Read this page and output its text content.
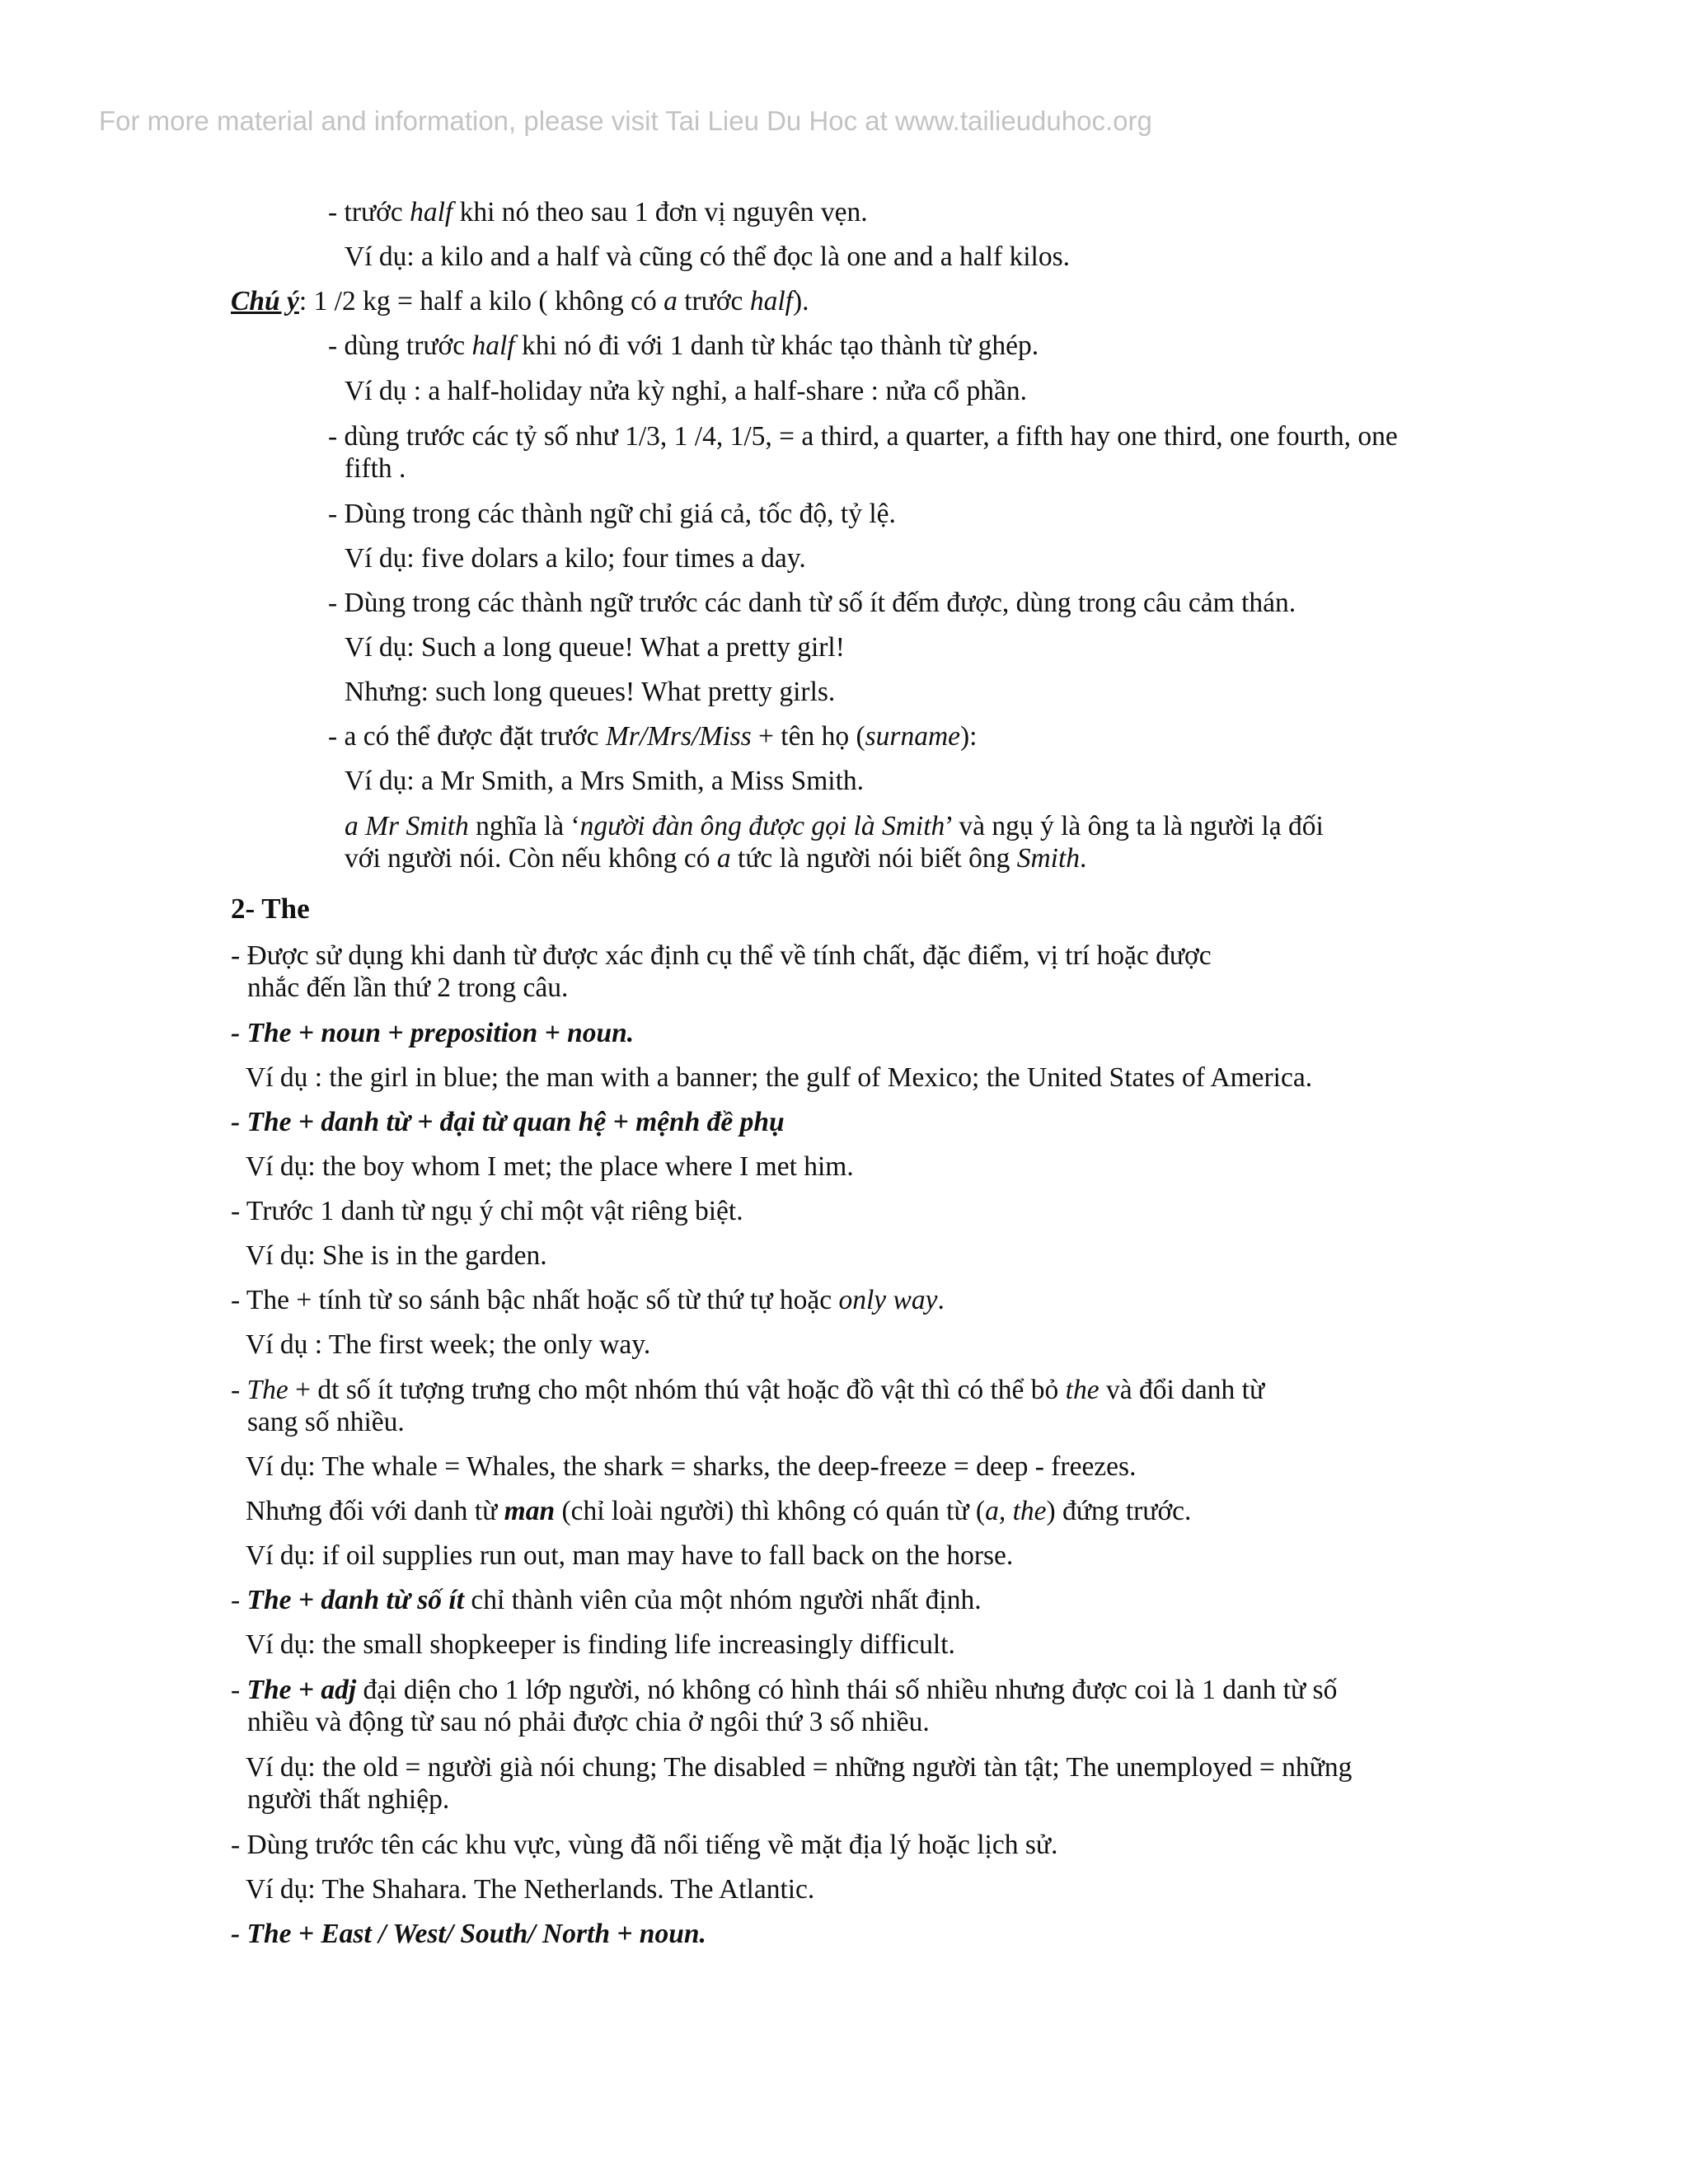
For more material and information, please visit Tai Lieu Du Hoc at www.tailieuduhoc.org
- trước half khi nó theo sau 1 đơn vị nguyên vẹn.
Ví dụ: a kilo and a half và cũng có thể đọc là one and a half kilos.
Chú ý: 1 /2 kg = half a kilo ( không có a trước half).
- dùng trước half khi nó đi với 1 danh từ khác tạo thành từ ghép.
Ví dụ : a half-holiday nửa kỳ nghỉ, a half-share : nửa cổ phần.
- dùng trước các tỷ số như 1/3, 1 /4, 1/5, = a third, a quarter, a fifth hay one third, one fourth, one
fifth .
- Dùng trong các thành ngữ chỉ giá cả, tốc độ, tỷ lệ.
Ví dụ: five dolars a kilo; four times a day.
- Dùng trong các thành ngữ trước các danh từ số ít đếm được, dùng trong câu cảm thán.
Ví dụ: Such a long queue! What a pretty girl!
Nhưng: such long queues! What pretty girls.
- a có thể được đặt trước Mr/Mrs/Miss + tên họ (surname):
Ví dụ: a Mr Smith, a Mrs Smith, a Miss Smith.
a Mr Smith nghĩa là ‘người đàn ông được gọi là Smith’ và ngụ ý là ông ta là người lạ đối
với người nói. Còn nếu không có a tức là người nói biết ông Smith.
2- The
- Được sử dụng khi danh từ được xác định cụ thể về tính chất, đặc điểm, vị trí hoặc được
nhắc đến lần thứ 2 trong câu.
- The + noun + preposition + noun.
Ví dụ : the girl in blue; the man with a banner; the gulf of Mexico; the United States of America.
- The + danh từ + đại từ quan hệ + mệnh đề phụ
Ví dụ: the boy whom I met; the place where I met him.
- Trước 1 danh từ ngụ ý chỉ một vật riêng biệt.
Ví dụ: She is in the garden.
- The + tính từ so sánh bậc nhất hoặc số từ thứ tự hoặc only way.
Ví dụ : The first week; the only way.
- The + dt số ít tượng trưng cho một nhóm thú vật hoặc đồ vật thì có thể bỏ the và đổi danh từ
sang số nhiều.
Ví dụ: The whale = Whales, the shark = sharks, the deep-freeze = deep - freezes.
Nhưng đối với danh từ man (chỉ loài người) thì không có quán từ (a, the) đứng trước.
Ví dụ: if oil supplies run out, man may have to fall back on the horse.
- The + danh từ số ít chỉ thành viên của một nhóm người nhất định.
Ví dụ: the small shopkeeper is finding life increasingly difficult.
- The + adj đại diện cho 1 lớp người, nó không có hình thái số nhiều nhưng được coi là 1 danh từ số
nhiều và động từ sau nó phải được chia ở ngôi thứ 3 số nhiều.
Ví dụ: the old = người già nói chung; The disabled = những người tàn tật; The unemployed = những
người thất nghiệp.
- Dùng trước tên các khu vực, vùng đã nổi tiếng về mặt địa lý hoặc lịch sử.
Ví dụ: The Shahara. The Netherlands. The Atlantic.
- The + East / West/ South/ North + noun.
